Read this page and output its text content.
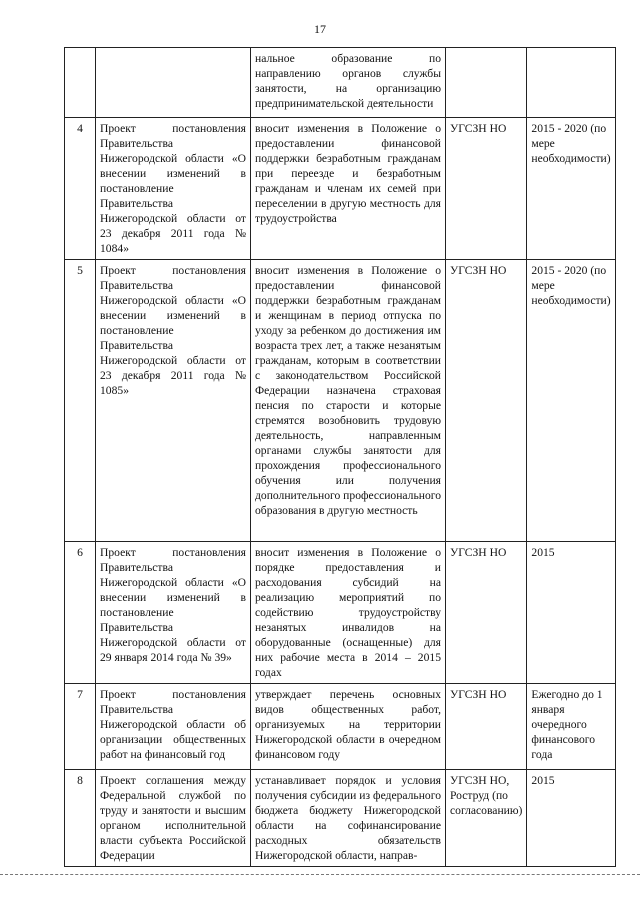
17
		нальное образование по направлению органов службы занятости, на организацию предпринимательской деятельности		
4	Проект постановления Правительства Нижегородской области «О внесении изменений в постановление Правительства Нижегородской области от 23 декабря 2011 года № 1084»	вносит изменения в Положение о предоставлении финансовой поддержки безработным гражданам при переезде и безработным гражданам и членам их семей при переселении в другую местность для трудоустройства	УГСЗН НО	2015 - 2020 (по мере необходимости)
5	Проект постановления Правительства Нижегородской области «О внесении изменений в постановление Правительства Нижегородской области от 23 декабря 2011 года № 1085»	вносит изменения в Положение о предоставлении финансовой поддержки безработным гражданам и женщинам в период отпуска по уходу за ребенком до достижения им возраста трех лет, а также незанятым гражданам, которым в соответствии с законодательством Российской Федерации назначена страховая пенсия по старости и которые стремятся возобновить трудовую деятельность, направленным органами службы занятости для прохождения профессионального обучения или получения дополнительного профессионального образования в другую местность	УГСЗН НО	2015 - 2020 (по мере необходимости)
6	Проект постановления Правительства Нижегородской области «О внесении изменений в постановление Правительства Нижегородской области от 29 января 2014 года № 39»	вносит изменения в Положение о порядке предоставления и расходования субсидий на реализацию мероприятий по содействию трудоустройству незанятых инвалидов на оборудованные (оснащенные) для них рабочие места в 2014 – 2015 годах	УГСЗН НО	2015
7	Проект постановления Правительства Нижегородской области об организации общественных работ на финансовый год	утверждает перечень основных видов общественных работ, организуемых на территории Нижегородской области в очередном финансовом году	УГСЗН НО	Ежегодно до 1 января очередного финансового года
8	Проект соглашения между Федеральной службой по труду и занятости и высшим органом исполнительной власти субъекта Российской Федерации	устанавливает порядок и условия получения субсидии из федерального бюджета бюджету Нижегородской области на софинансирование расходных обязательств Нижегородской области, направ-	УГСЗН НО, Роструд (по согласованию)	2015
